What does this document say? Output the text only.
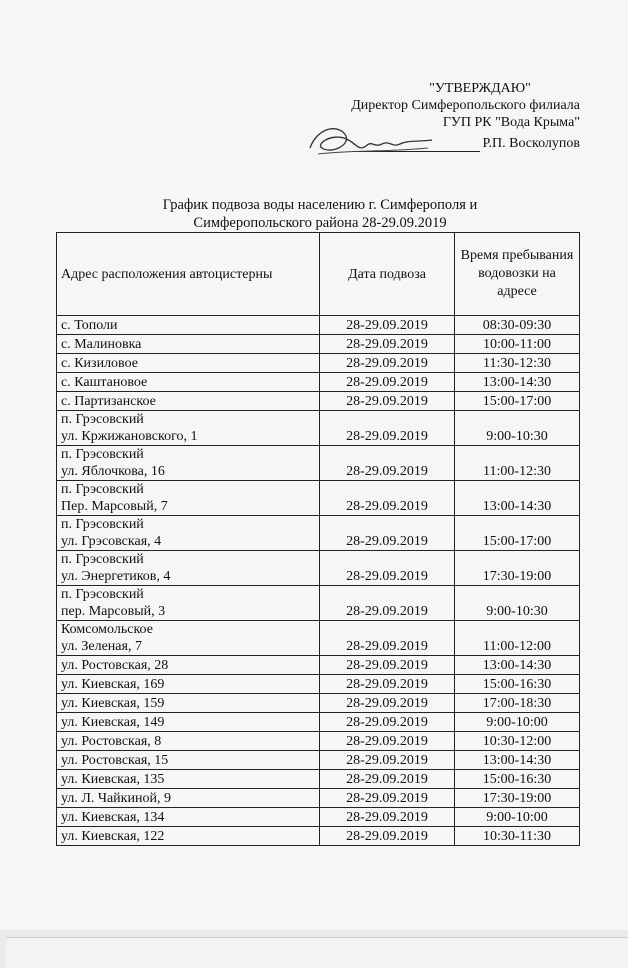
"УТВЕРЖДАЮ"
Директор Симферопольского филиала
ГУП РК "Вода Крыма"
Р.П. Восколупов
График подвоза воды населению г. Симферополя и
Симферопольского района 28-29.09.2019
Адрес расположения автоцистерны	Дата подвоза	Время пребывания водовозки на адресе

с. Тополи	28-29.09.2019	08:30-09:30

с. Малиновка	28-29.09.2019	10:00-11:00

с. Кизиловое	28-29.09.2019	11:30-12:30

с. Каштановое	28-29.09.2019	13:00-14:30

с. Партизанское	28-29.09.2019	15:00-17:00

п. Грэсовский
ул. Кржижановского, 1	28-29.09.2019	9:00-10:30

п. Грэсовский
ул. Яблочкова, 16	28-29.09.2019	11:00-12:30

п. Грэсовский
Пер. Марсовый, 7	28-29.09.2019	13:00-14:30

п. Грэсовский
ул. Грэсовская, 4	28-29.09.2019	15:00-17:00

п. Грэсовский
ул. Энергетиков, 4	28-29.09.2019	17:30-19:00

п. Грэсовский
пер. Марсовый, 3	28-29.09.2019	9:00-10:30

Комсомольское
ул. Зеленая, 7	28-29.09.2019	11:00-12:00

ул. Ростовская, 28	28-29.09.2019	13:00-14:30

ул. Киевская, 169	28-29.09.2019	15:00-16:30

ул. Киевская, 159	28-29.09.2019	17:00-18:30

ул. Киевская, 149	28-29.09.2019	9:00-10:00

ул. Ростовская, 8	28-29.09.2019	10:30-12:00

ул. Ростовская, 15	28-29.09.2019	13:00-14:30

ул. Киевская, 135	28-29.09.2019	15:00-16:30

ул. Л. Чайкиной, 9	28-29.09.2019	17:30-19:00

ул. Киевская, 134	28-29.09.2019	9:00-10:00

ул. Киевская, 122	28-29.09.2019	10:30-11:30
